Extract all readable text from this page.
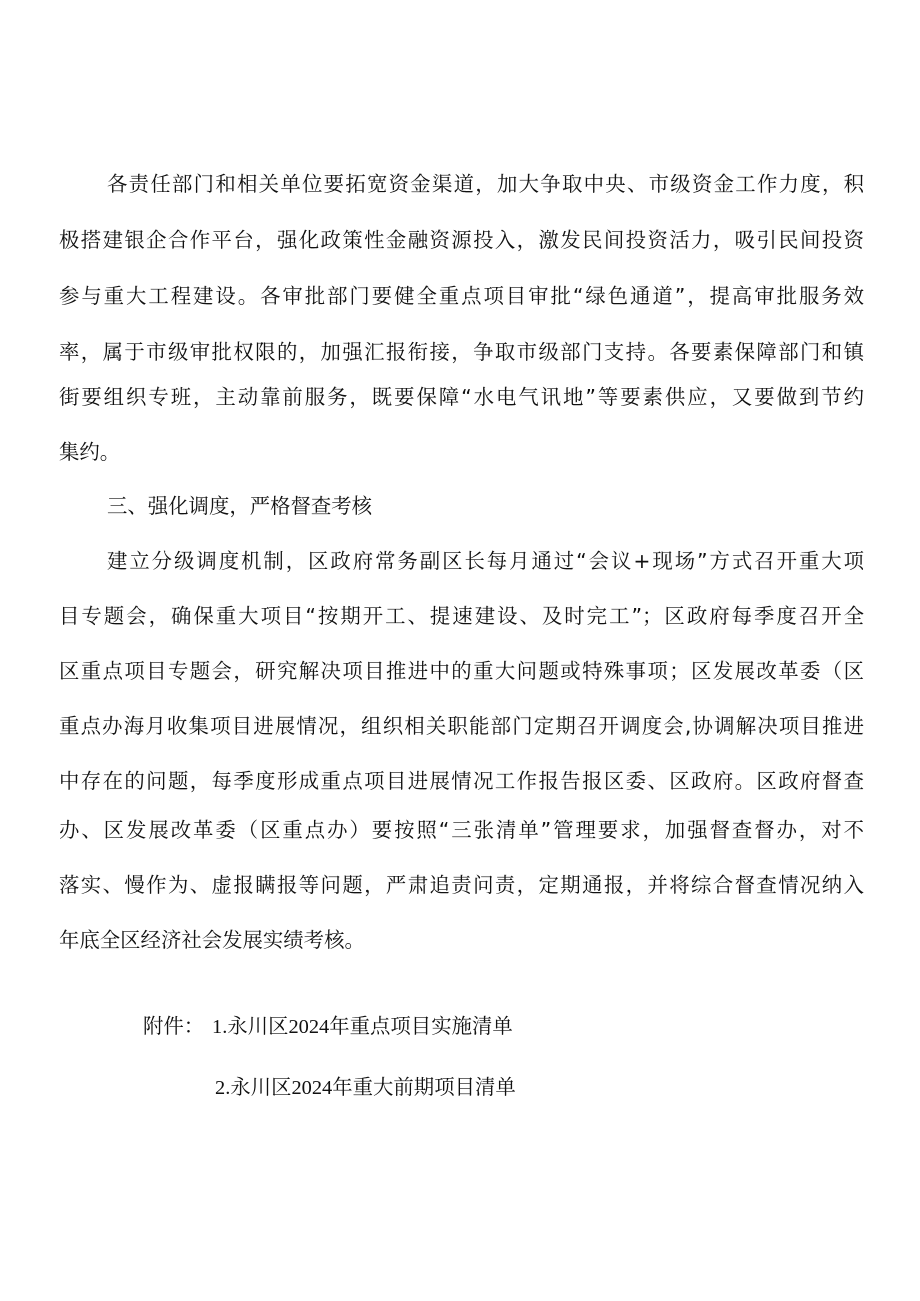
各责任部门和相关单位要拓宽资金渠道，加大争取中央、市级资金工作力度，积

极搭建银企合作平台，强化政策性金融资源投入，激发民间投资活力，吸引民间投资

参与重大工程建设。各审批部门要健全重点项目审批“绿色通道”，提高审批服务效

率，属于市级审批权限的，加强汇报衔接，争取市级部门支持。各要素保障部门和镇

街要组织专班，主动靠前服务，既要保障“水电气讯地”等要素供应，又要做到节约

集约。

三、强化调度，严格督查考核

建立分级调度机制，区政府常务副区长每月通过“会议+现场”方式召开重大项

目专题会，确保重大项目“按期开工、提速建设、及时完工”；区政府每季度召开全

区重点项目专题会，研究解决项目推进中的重大问题或特殊事项；区发展改革委（区

重点办海月收集项目进展情况，组织相关职能部门定期召开调度会,协调解决项目推进

中存在的问题，每季度形成重点项目进展情况工作报告报区委、区政府。区政府督查

办、区发展改革委（区重点办）要按照“三张清单”管理要求，加强督查督办，对不

落实、慢作为、虚报瞒报等问题，严肃追责问责，定期通报，并将综合督查情况纳入

年底全区经济社会发展实绩考核。

附件： 1.永川区2024年重点项目实施清单

2.永川区2024年重大前期项目清单
